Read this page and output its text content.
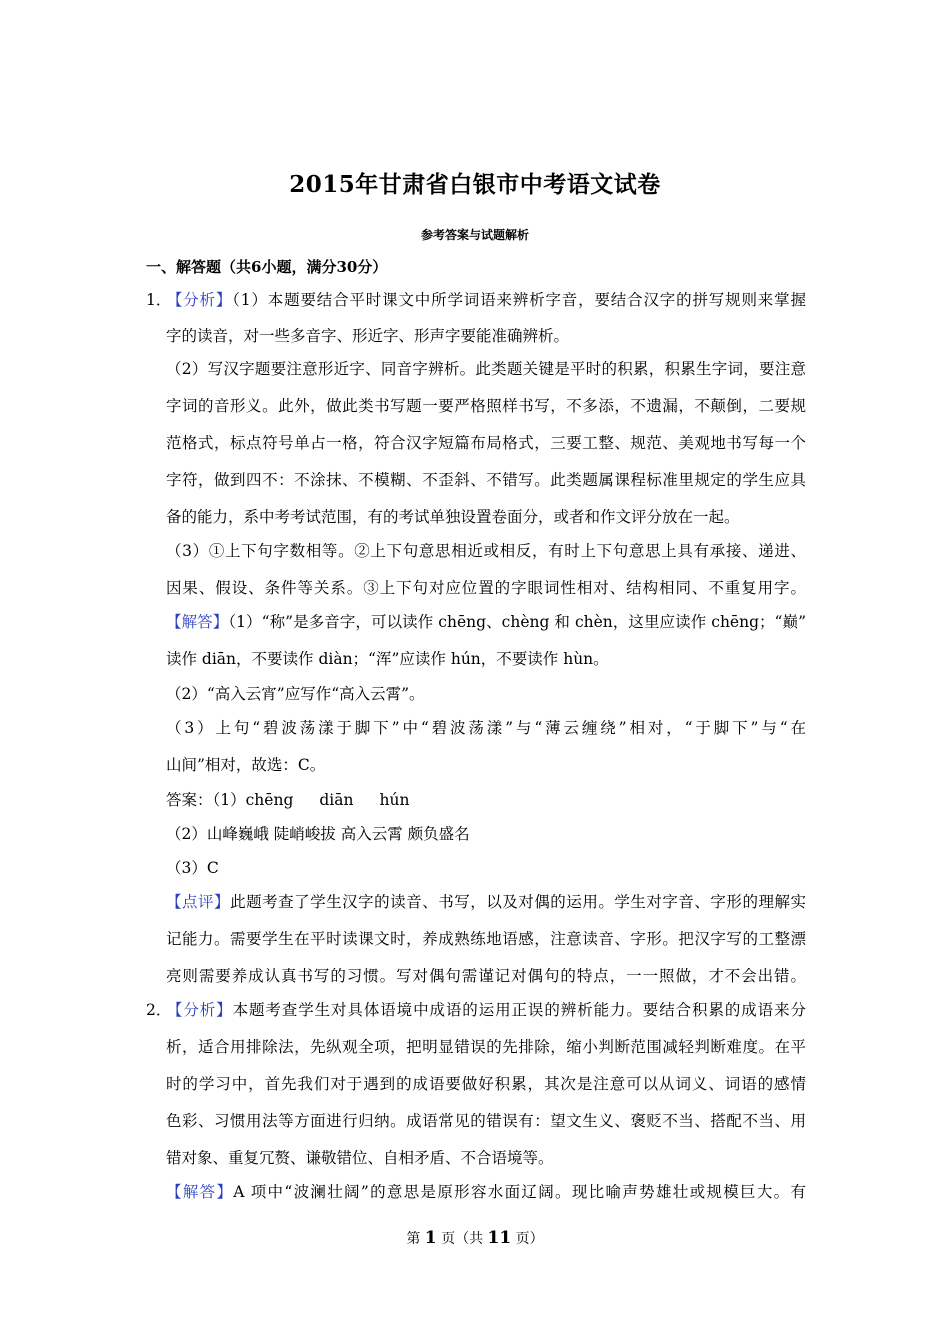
2015年甘肃省白银市中考语文试卷
参考答案与试题解析
一、解答题（共6小题，满分30分）
1．【分析】（1）本题要结合平时课文中所学词语来辨析字音，要结合汉字的拼写规则来掌握
字的读音，对一些多音字、形近字、形声字要能准确辨析。
（2）写汉字题要注意形近字、同音字辨析。此类题关键是平时的积累，积累生字词，要注意
字词的音形义。此外，做此类书写题一要严格照样书写，不多添，不遗漏，不颠倒，二要规
范格式，标点符号单占一格，符合汉字短篇布局格式，三要工整、规范、美观地书写每一个
字符，做到四不：不涂抹、不模糊、不歪斜、不错写。此类题属课程标准里规定的学生应具
备的能力，系中考考试范围，有的考试单独设置卷面分，或者和作文评分放在一起。
（3）①上下句字数相等。②上下句意思相近或相反，有时上下句意思上具有承接、递进、
因果、假设、条件等关系。③上下句对应位置的字眼词性相对、结构相同、不重复用字。
【解答】（1）“称”是多音字，可以读作 chēng、chèng 和 chèn，这里应读作 chēng；“巅”
读作 diān，不要读作 diàn；“浑”应读作 hún，不要读作 hùn。
（2）“高入云宵”应写作“高入云霄”。
（3）上句“碧波荡漾于脚下”中“碧波荡漾”与“薄云缠绕”相对，“于脚下”与“在
山间”相对，故选：C。
答案：（1）chēng diān hún
（2）山峰巍峨 陡峭峻拔 高入云霄 颇负盛名
（3）C
【点评】此题考查了学生汉字的读音、书写，以及对偶的运用。学生对字音、字形的理解实
记能力。需要学生在平时读课文时，养成熟练地语感，注意读音、字形。把汉字写的工整漂
亮则需要养成认真书写的习惯。写对偶句需谨记对偶句的特点，一一照做，才不会出错。
2．【分析】本题考查学生对具体语境中成语的运用正误的辨析能力。要结合积累的成语来分
析，适合用排除法，先纵观全项，把明显错误的先排除，缩小判断范围减轻判断难度。在平
时的学习中，首先我们对于遇到的成语要做好积累，其次是注意可以从词义、词语的感情
色彩、习惯用法等方面进行归纳。成语常见的错误有：望文生义、褒贬不当、搭配不当、用
错对象、重复冗赘、谦敬错位、自相矛盾、不合语境等。
【解答】A 项中“波澜壮阔”的意思是原形容水面辽阔。现比喻声势雄壮或规模巨大。有
第 1 页（共 11 页）
